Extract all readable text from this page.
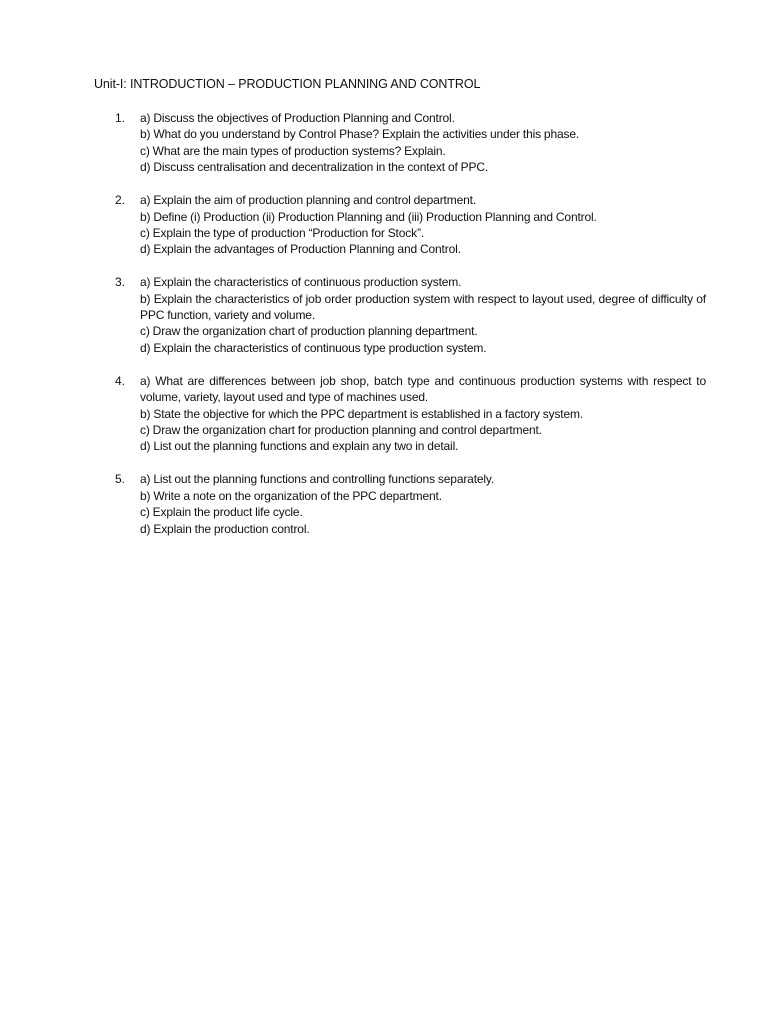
Unit-I: INTRODUCTION – PRODUCTION PLANNING AND CONTROL
1. a) Discuss the objectives of Production Planning and Control.
b) What do you understand by Control Phase? Explain the activities under this phase.
c) What are the main types of production systems? Explain.
d) Discuss centralisation and decentralization in the context of PPC.
2. a) Explain the aim of production planning and control department.
b) Define (i) Production (ii) Production Planning and (iii) Production Planning and Control.
c) Explain the type of production “Production for Stock”.
d) Explain the advantages of Production Planning and Control.
3. a) Explain the characteristics of continuous production system.
b) Explain the characteristics of job order production system with respect to layout used, degree of difficulty of PPC function, variety and volume.
c) Draw the organization chart of production planning department.
d) Explain the characteristics of continuous type production system.
4. a) What are differences between job shop, batch type and continuous production systems with respect to volume, variety, layout used and type of machines used.
b) State the objective for which the PPC department is established in a factory system.
c) Draw the organization chart for production planning and control department.
d) List out the planning functions and explain any two in detail.
5. a) List out the planning functions and controlling functions separately.
b) Write a note on the organization of the PPC department.
c) Explain the product life cycle.
d) Explain the production control.
